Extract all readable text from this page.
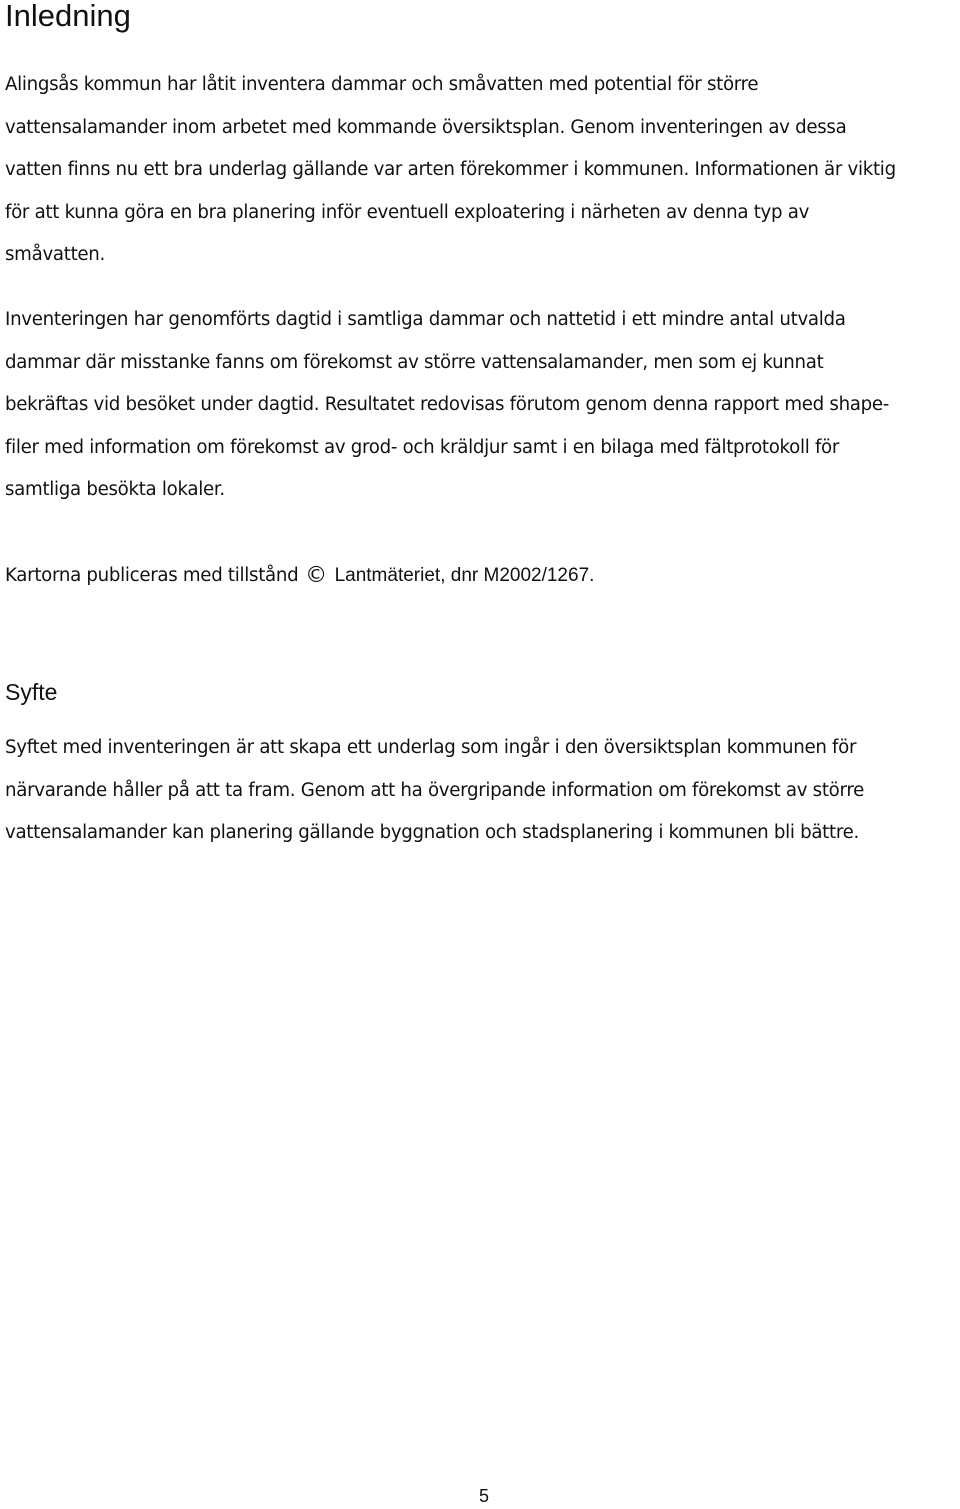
Inledning

Alingsås kommun har låtit inventera dammar och småvatten med potential för större
vattensalamander inom arbetet med kommande översiktsplan. Genom inventeringen av dessa
vatten finns nu ett bra underlag gällande var arten förekommer i kommunen. Informationen är viktig
för att kunna göra en bra planering inför eventuell exploatering i närheten av denna typ av
småvatten.

Inventeringen har genomförts dagtid i samtliga dammar och nattetid i ett mindre antal utvalda
dammar där misstanke fanns om förekomst av större vattensalamander, men som ej kunnat
bekräftas vid besöket under dagtid. Resultatet redovisas förutom genom denna rapport med shape-
filer med information om förekomst av grod- och kräldjur samt i en bilaga med fältprotokoll för
samtliga besökta lokaler.

Kartorna publiceras med tillstånd © Lantmäteriet, dnr M2002/1267.

Syfte

Syftet med inventeringen är att skapa ett underlag som ingår i den översiktsplan kommunen för
närvarande håller på att ta fram. Genom att ha övergripande information om förekomst av större
vattensalamander kan planering gällande byggnation och stadsplanering i kommunen bli bättre.

5
